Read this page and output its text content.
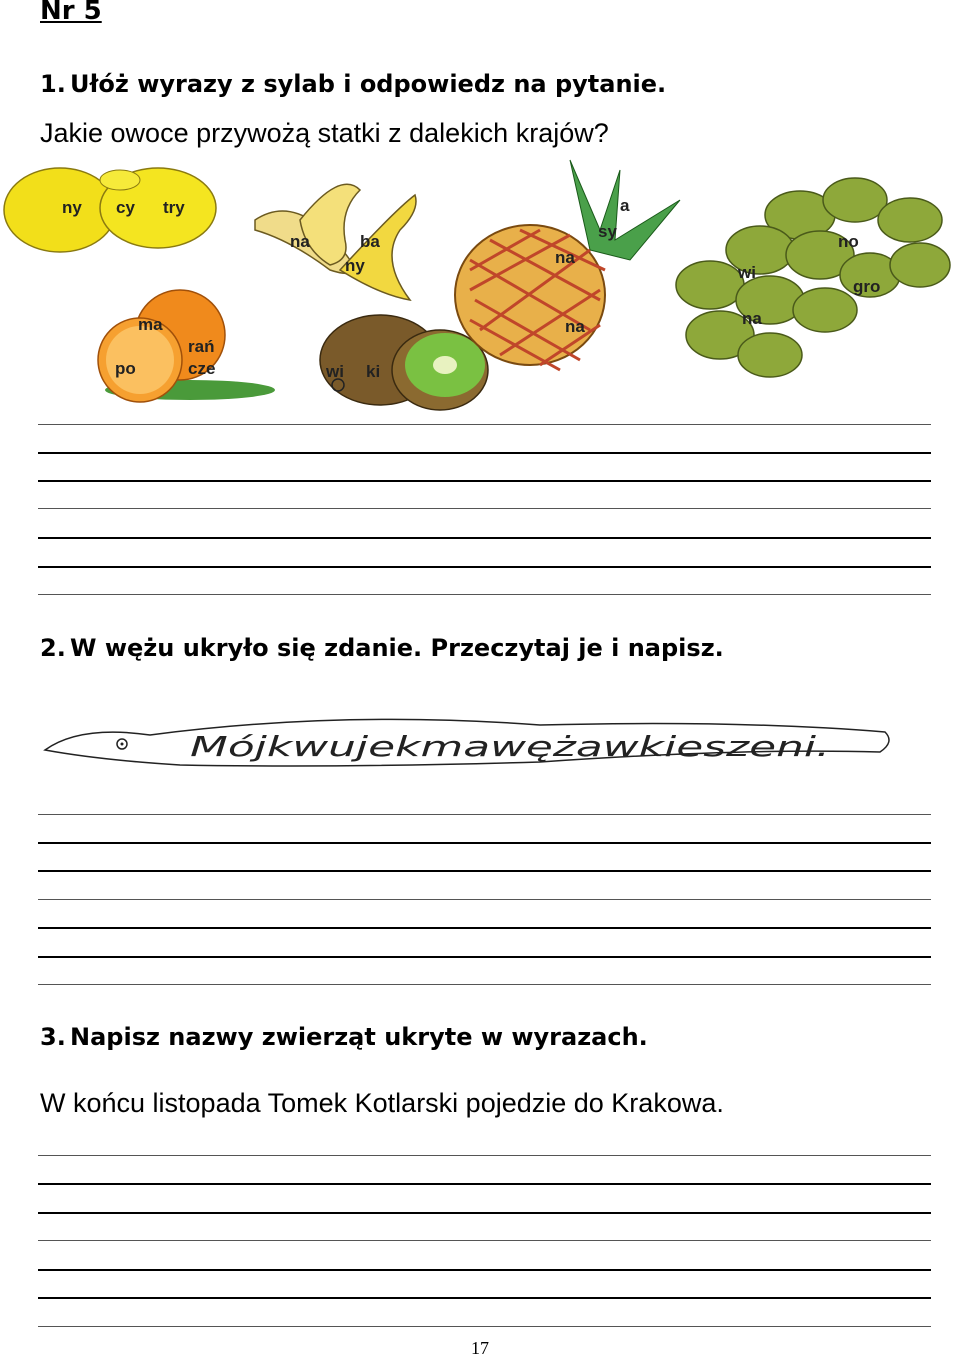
Nr 5
1. Ułóż wyrazy z sylab i odpowiedz na pytanie.
Jakie owoce przywożą statki z dalekich krajów?
ny cy try
na	ba
ny
a
sy
na
na
no
wi
gro
na
ma
rań
po	cze	wi ki
2. W wężu ukryło się zdanie. Przeczytaj je i napisz.
Mójkwujekmawężawkieszeni.
3. Napisz nazwy zwierząt ukryte w wyrazach.
W końcu listopada Tomek Kotlarski pojedzie do Krakowa.
17
